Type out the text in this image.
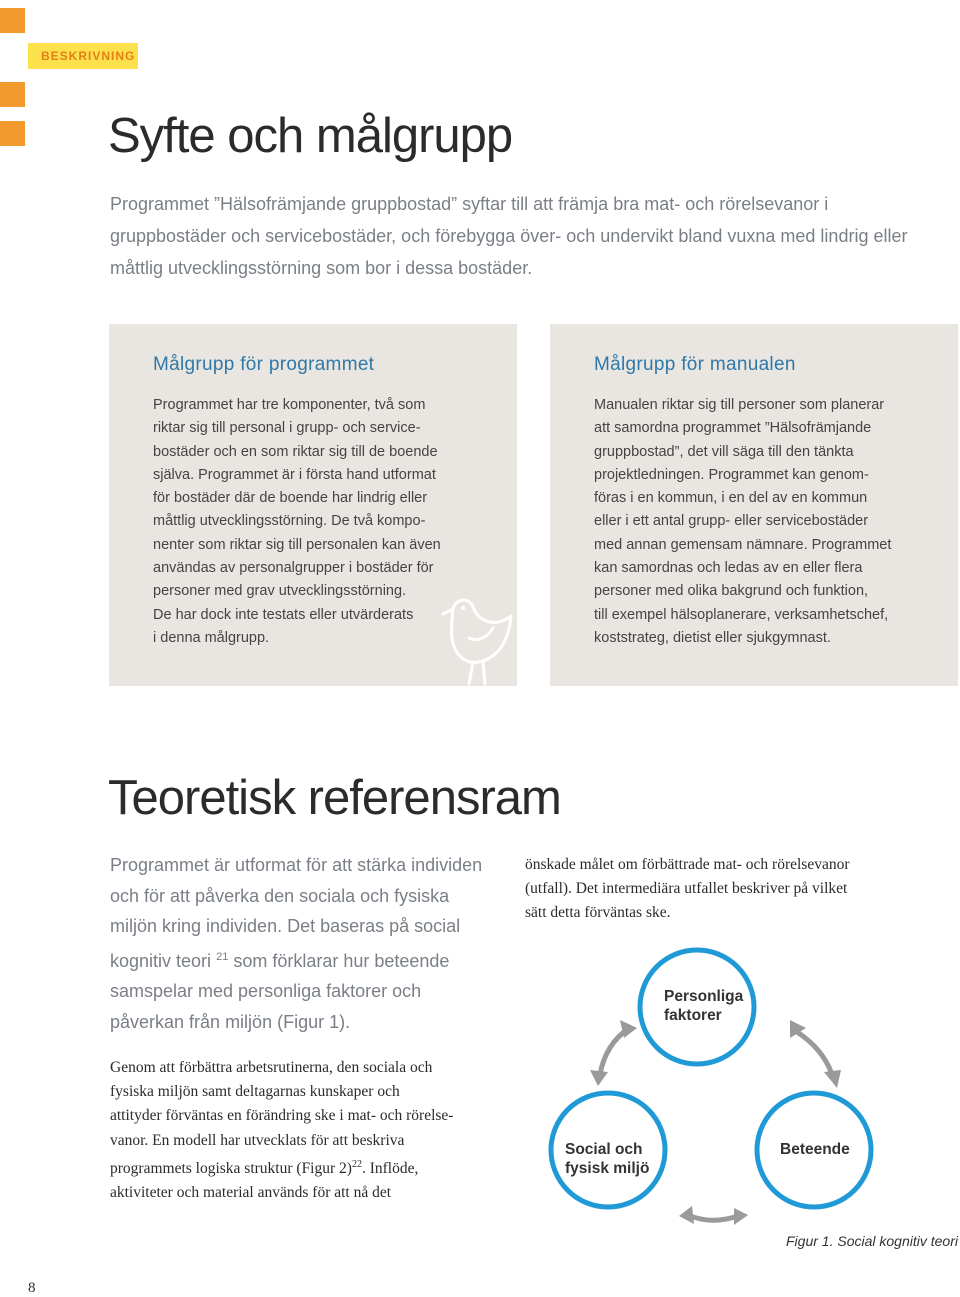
BESKRIVNING
Syfte och målgrupp

Programmet ”Hälsofrämjande gruppbostad” syftar till att främja bra mat- och rörelsevanor i gruppbostäder och servicebostäder, och förebygga över- och undervikt bland vuxna med lindrig eller måttlig utvecklingsstörning som bor i dessa bostäder.

Målgrupp för programmet

Programmet har tre komponenter, två som
riktar sig till personal i grupp- och service-
bostäder och en som riktar sig till de boende
själva. Programmet är i första hand utformat
för bostäder där de boende har lindrig eller
måttlig utvecklingsstörning. De två kompo-
nenter som riktar sig till personalen kan även
användas av personalgrupper i bostäder för
personer med grav utvecklingsstörning.
De har dock inte testats eller utvärderats
i denna målgrupp.

Målgrupp för manualen

Manualen riktar sig till personer som planerar
att samordna programmet ”Hälsofrämjande
gruppbostad”, det vill säga till den tänkta
projektledningen. Programmet kan genom-
föras i en kommun, i en del av en kommun
eller i ett antal grupp- eller servicebostäder
med annan gemensam nämnare. Programmet
kan samordnas och ledas av en eller flera
personer med olika bakgrund och funktion,
till exempel hälsoplanerare, verksamhetschef,
koststrateg, dietist eller sjukgymnast.

Teoretisk referensram

Programmet är utformat för att stärka individen
och för att påverka den sociala och fysiska
miljön kring individen. Det baseras på social
kognitiv teori $^{21}$ som förklarar hur beteende
samspelar med personliga faktorer och
påverkan från miljön (Figur 1).

Genom att förbättra arbetsrutinerna, den sociala och
fysiska miljön samt deltagarnas kunskaper och
attityder förväntas en förändring ske i mat- och rörelse-
vanor. En modell har utvecklats för att beskriva
programmets logiska struktur (Figur 2)$^{22}$. Inflöde,
aktiviteter och material används för att nå det

önskade målet om förbättrade mat- och rörelsevanor
(utfall). Det intermediära utfallet beskriver på vilket
sätt detta förväntas ske.

Personliga
faktorer
Social och
fysisk miljö
Beteende
Figur 1. Social kognitiv teori
8
